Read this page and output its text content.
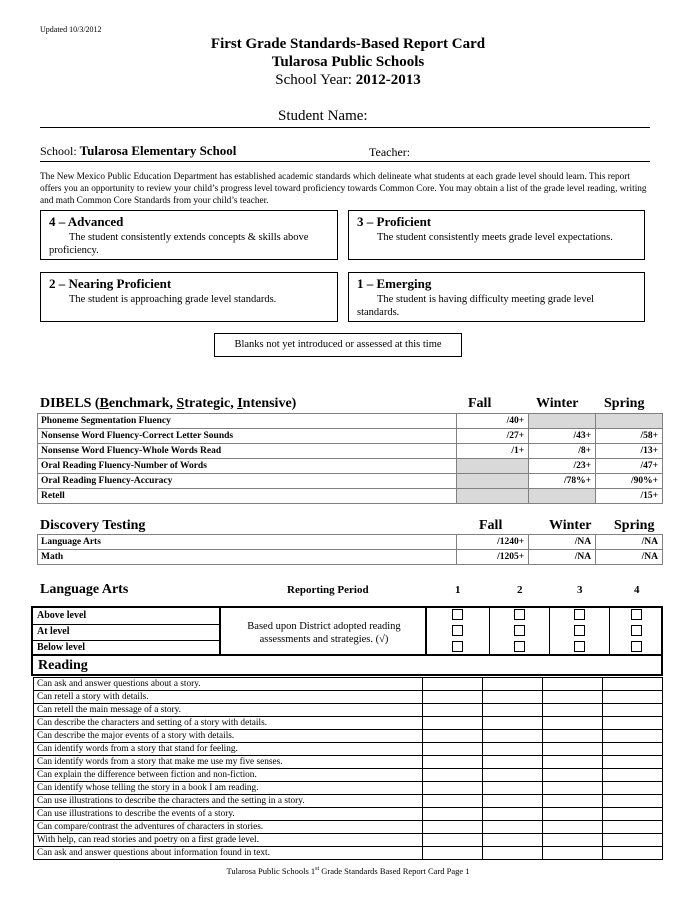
Updated 10/3/2012
First Grade Standards-Based Report Card
Tularosa Public Schools
School Year: 2012-2013
Student Name:
School: Tularosa Elementary School	Teacher:
The New Mexico Public Education Department has established academic standards which delineate what students at each grade level should learn. This report offers you an opportunity to review your child’s progress level toward proficiency towards Common Core. You may obtain a list of the grade level reading, writing and math Common Core Standards from your child’s teacher.
4 – Advanced
The student consistently extends concepts & skills above proficiency.
3 – Proficient
The student consistently meets grade level expectations.
2 – Nearing Proficient
The student is approaching grade level standards.
1 – Emerging
The student is having difficulty meeting grade level standards.
Blanks not yet introduced or assessed at this time
DIBELS (Benchmark, Strategic, Intensive)	Fall	Winter Spring
Phoneme Segmentation Fluency	/40+		
Nonsense Word Fluency-Correct Letter Sounds	/27+	/43+	/58+
Nonsense Word Fluency-Whole Words Read	/1+	/8+	/13+
Oral Reading Fluency-Number of Words		/23+	/47+
Oral Reading Fluency-Accuracy		/78%+	/90%+
Retell			/15+
Discovery Testing	Fall	Winter Spring
Language Arts	/1240+	/NA	/NA
Math	/1205+	/NA	/NA
Language Arts	Reporting Period	1	2	3	4
Based upon District adopted reading assessments and strategies. (√)
Above level
At level
Below level
Reading
Can ask and answer questions about a story.				
Can retell a story with details.				
Can retell the main message of a story.				
Can describe the characters and setting of a story with details.				
Can describe the major events of a story with details.				
Can identify words from a story that stand for feeling.				
Can identify words from a story that make me use my five senses.				
Can explain the difference between fiction and non-fiction.				
Can identify whose telling the story in a book I am reading.				
Can use illustrations to describe the characters and the setting in a story.				
Can use illustrations to describe the events of a story.				
Can compare/contrast the adventures of characters in stories.				
With help, can read stories and poetry on a first grade level.				
Can ask and answer questions about information found in text.				
Tularosa Public Schools 1st Grade Standards Based Report Card Page 1
